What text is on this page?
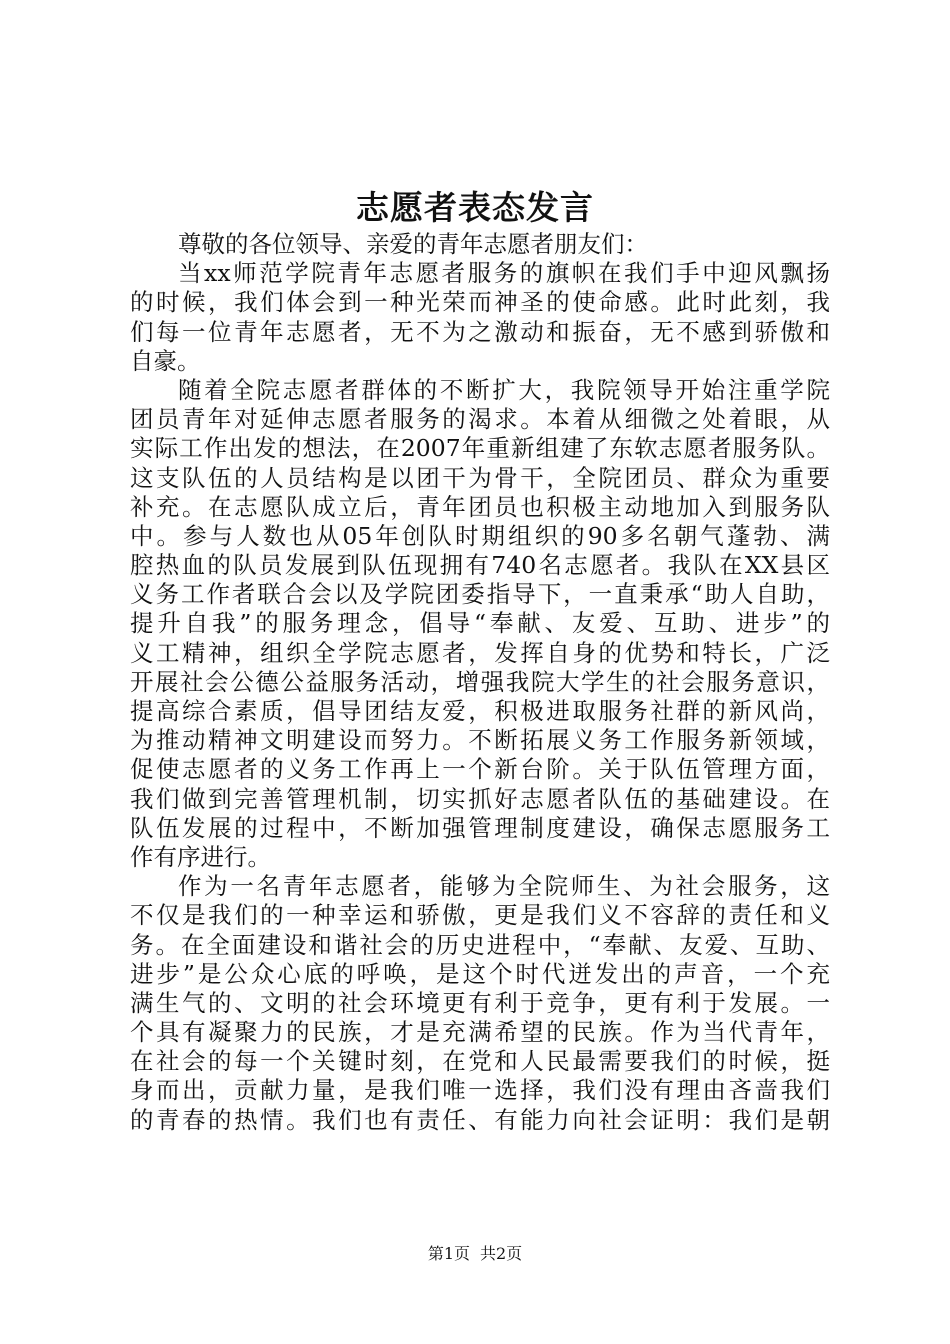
志愿者表态发言
尊敬的各位领导、亲爱的青年志愿者朋友们：
当xx师范学院青年志愿者服务的旗帜在我们手中迎风飘扬
的时候，我们体会到一种光荣而神圣的使命感。此时此刻，我
们每一位青年志愿者，无不为之激动和振奋，无不感到骄傲和
自豪。
随着全院志愿者群体的不断扩大，我院领导开始注重学院
团员青年对延伸志愿者服务的渴求。本着从细微之处着眼，从
实际工作出发的想法，在2007年重新组建了东软志愿者服务队。
这支队伍的人员结构是以团干为骨干，全院团员、群众为重要
补充。在志愿队成立后，青年团员也积极主动地加入到服务队
中。参与人数也从05年创队时期组织的90多名朝气蓬勃、满
腔热血的队员发展到队伍现拥有740名志愿者。我队在XX县区
义务工作者联合会以及学院团委指导下，一直秉承“助人自助，
提升自我”的服务理念，倡导“奉献、友爱、互助、进步”的
义工精神，组织全学院志愿者，发挥自身的优势和特长，广泛
开展社会公德公益服务活动，增强我院大学生的社会服务意识，
提高综合素质，倡导团结友爱，积极进取服务社群的新风尚，
为推动精神文明建设而努力。不断拓展义务工作服务新领域，
促使志愿者的义务工作再上一个新台阶。关于队伍管理方面，
我们做到完善管理机制，切实抓好志愿者队伍的基础建设。在
队伍发展的过程中，不断加强管理制度建设，确保志愿服务工
作有序进行。
作为一名青年志愿者，能够为全院师生、为社会服务，这
不仅是我们的一种幸运和骄傲，更是我们义不容辞的责任和义
务。在全面建设和谐社会的历史进程中，“奉献、友爱、互助、
进步”是公众心底的呼唤，是这个时代迸发出的声音，一个充
满生气的、文明的社会环境更有利于竞争，更有利于发展。一
个具有凝聚力的民族，才是充满希望的民族。作为当代青年，
在社会的每一个关键时刻，在党和人民最需要我们的时候，挺
身而出，贡献力量，是我们唯一选择，我们没有理由吝啬我们
的青春的热情。我们也有责任、有能力向社会证明：我们是朝
第1页 共2页
